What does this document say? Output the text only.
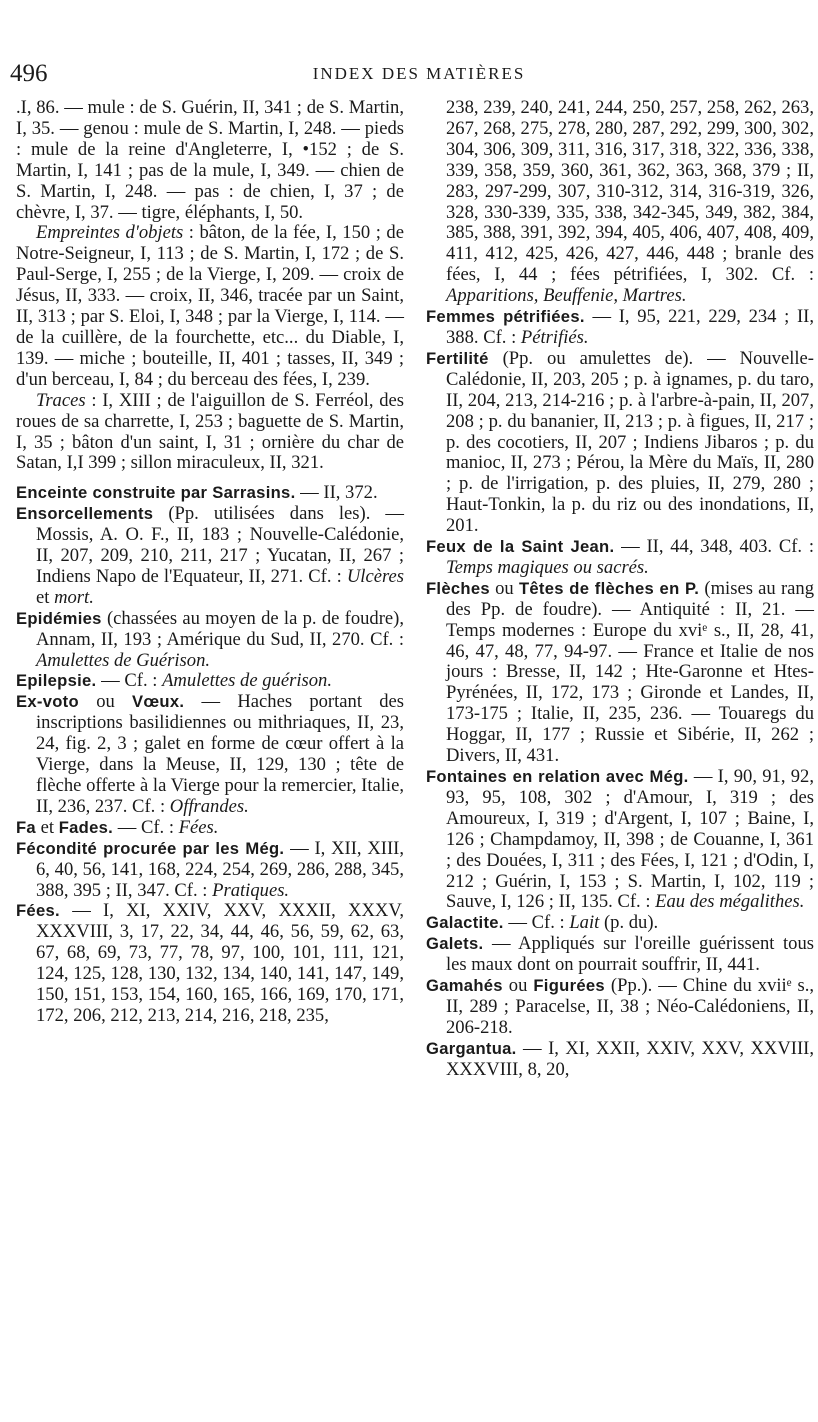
496	INDEX DES MATIÈRES

.I, 86. — mule : de S. Guérin, II, 341 ; de S. Martin, I, 35. — genou : mule de S. Martin, I, 248. — pieds : mule de la reine d'Angleterre, I, •152 ; de S. Martin, I, 141 ; pas de la mule, I, 349. — chien de S. Martin, I, 248. — pas : de chien, I, 37 ; de chèvre, I, 37. — tigre, éléphants, I, 50.

Empreintes d'objets : bâton, de la fée, I, 150 ; de Notre-Seigneur, I, 113 ; de S. Martin, I, 172 ; de S. Paul-Serge, I, 255 ; de la Vierge, I, 209. — croix de Jésus, II, 333. — croix, II, 346, tracée par un Saint, II, 313 ; par S. Eloi, I, 348 ; par la Vierge, I, 114. — de la cuillère, de la fourchette, etc... du Diable, I, 139. — miche ; bouteille, II, 401 ; tasses, II, 349 ; d'un berceau, I, 84 ; du berceau des fées, I, 239.

Traces : I, XIII ; de l'aiguillon de S. Ferréol, des roues de sa charrette, I, 253 ; baguette de S. Martin, I, 35 ; bâton d'un saint, I, 31 ; ornière du char de Satan, I,I 399 ; sillon miraculeux, II, 321.

Enceinte construite par Sarrasins. — II, 372.

Ensorcellements (Pp. utilisées dans les). — Mossis, A. O. F., II, 183 ; Nouvelle-Calédonie, II, 207, 209, 210, 211, 217 ; Yucatan, II, 267 ; Indiens Napo de l'Equateur, II, 271. Cf. : Ulcères et mort.

Epidémies (chassées au moyen de la p. de foudre), Annam, II, 193 ; Amérique du Sud, II, 270. Cf. : Amulettes de Guérison.

Epilepsie. — Cf. : Amulettes de guérison.

Ex-voto ou Vœux. — Haches portant des inscriptions basilidiennes ou mithriaques, II, 23, 24, fig. 2, 3 ; galet en forme de cœur offert à la Vierge, dans la Meuse, II, 129, 130 ; tête de flèche offerte à la Vierge pour la remercier, Italie, II, 236, 237. Cf. : Offrandes.

Fa et Fades. — Cf. : Fées.

Fécondité procurée par les Még. — I, XII, XIII, 6, 40, 56, 141, 168, 224, 254, 269, 286, 288, 345, 388, 395 ; II, 347. Cf. : Pratiques.

Fées. — I, XI, XXIV, XXV, XXXII, XXXV, XXXVIII, 3, 17, 22, 34, 44, 46, 56, 59, 62, 63, 67, 68, 69, 73, 77, 78, 97, 100, 101, 111, 121, 124, 125, 128, 130, 132, 134, 140, 141, 147, 149, 150, 151, 153, 154, 160, 165, 166, 169, 170, 171, 172, 206, 212, 213, 214, 216, 218, 235,

238, 239, 240, 241, 244, 250, 257, 258, 262, 263, 267, 268, 275, 278, 280, 287, 292, 299, 300, 302, 304, 306, 309, 311, 316, 317, 318, 322, 336, 338, 339, 358, 359, 360, 361, 362, 363, 368, 379 ; II, 283, 297-299, 307, 310-312, 314, 316-319, 326, 328, 330-339, 335, 338, 342-345, 349, 382, 384, 385, 388, 391, 392, 394, 405, 406, 407, 408, 409, 411, 412, 425, 426, 427, 446, 448 ; branle des fées, I, 44 ; fées pétrifiées, I, 302. Cf. : Apparitions, Beuffenie, Martres.

Femmes pétrifiées. — I, 95, 221, 229, 234 ; II, 388. Cf. : Pétrifiés.

Fertilité (Pp. ou amulettes de). — Nouvelle-Calédonie, II, 203, 205 ; p. à ignames, p. du taro, II, 204, 213, 214-216 ; p. à l'arbre-à-pain, II, 207, 208 ; p. du bananier, II, 213 ; p. à figues, II, 217 ; p. des cocotiers, II, 207 ; Indiens Jibaros ; p. du manioc, II, 273 ; Pérou, la Mère du Maïs, II, 280 ; p. de l'irrigation, p. des pluies, II, 279, 280 ; Haut-Tonkin, la p. du riz ou des inondations, II, 201.

Feux de la Saint Jean. — II, 44, 348, 403. Cf. : Temps magiques ou sacrés.

Flèches ou Têtes de flèches en P. (mises au rang des Pp. de foudre). — Antiquité : II, 21. — Temps modernes : Europe du xviᵉ s., II, 28, 41, 46, 47, 48, 77, 94-97. — France et Italie de nos jours : Bresse, II, 142 ; Hte-Garonne et Htes-Pyrénées, II, 172, 173 ; Gironde et Landes, II, 173-175 ; Italie, II, 235, 236. — Touaregs du Hoggar, II, 177 ; Russie et Sibérie, II, 262 ; Divers, II, 431.

Fontaines en relation avec Még. — I, 90, 91, 92, 93, 95, 108, 302 ; d'Amour, I, 319 ; des Amoureux, I, 319 ; d'Argent, I, 107 ; Baine, I, 126 ; Champdamoy, II, 398 ; de Couanne, I, 361 ; des Douées, I, 311 ; des Fées, I, 121 ; d'Odin, I, 212 ; Guérin, I, 153 ; S. Martin, I, 102, 119 ; Sauve, I, 126 ; II, 135. Cf. : Eau des mégalithes.

Galactite. — Cf. : Lait (p. du).

Galets. — Appliqués sur l'oreille guérissent tous les maux dont on pourrait souffrir, II, 441.

Gamahés ou Figurées (Pp.). — Chine du xviiᵉ s., II, 289 ; Paracelse, II, 38 ; Néo-Calédoniens, II, 206-218.

Gargantua. — I, XI, XXII, XXIV, XXV, XXVIII, XXXVIII, 8, 20,
